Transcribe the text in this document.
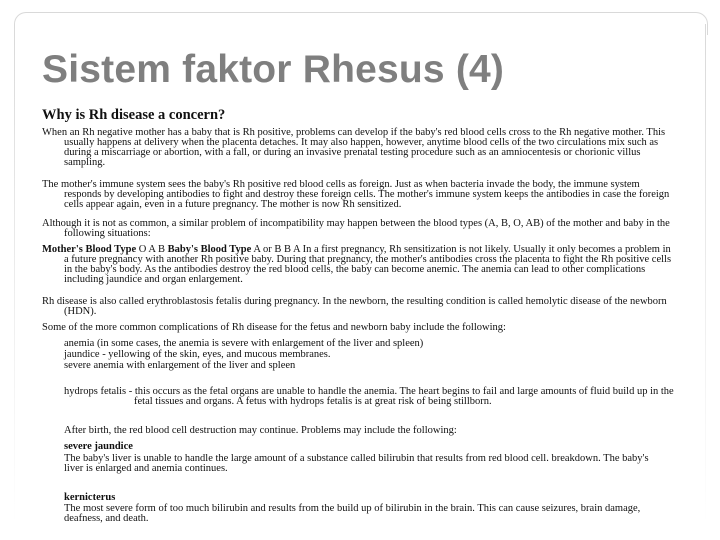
Sistem faktor Rhesus (4)
Why is Rh disease a concern?

When an Rh negative mother has a baby that is Rh positive, problems can develop if the baby's red blood cells cross to the Rh negative mother. This usually happens at delivery when the placenta detaches. It may also happen, however, anytime blood cells of the two circulations mix such as during a miscarriage or abortion, with a fall, or during an invasive prenatal testing procedure such as an amniocentesis or chorionic villus sampling.

The mother's immune system sees the baby's Rh positive red blood cells as foreign. Just as when bacteria invade the body, the immune system responds by developing antibodies to fight and destroy these foreign cells. The mother's immune system keeps the antibodies in case the foreign cells appear again, even in a future pregnancy. The mother is now Rh sensitized.

Although it is not as common, a similar problem of incompatibility may happen between the blood types (A, B, O, AB) of the mother and baby in the following situations:

Mother's Blood Type O A B Baby's Blood Type A or B B A In a first pregnancy, Rh sensitization is not likely. Usually it only becomes a problem in a future pregnancy with another Rh positive baby. During that pregnancy, the mother's antibodies cross the placenta to fight the Rh positive cells in the baby's body. As the antibodies destroy the red blood cells, the baby can become anemic. The anemia can lead to other complications including jaundice and organ enlargement.

Rh disease is also called erythroblastosis fetalis during pregnancy. In the newborn, the resulting condition is called hemolytic disease of the newborn (HDN).

Some of the more common complications of Rh disease for the fetus and newborn baby include the following:

anemia (in some cases, the anemia is severe with enlargement of the liver and spleen)

jaundice - yellowing of the skin, eyes, and mucous membranes.

severe anemia with enlargement of the liver and spleen

hydrops fetalis - this occurs as the fetal organs are unable to handle the anemia. The heart begins to fail and large amounts of fluid build up in the fetal tissues and organs. A fetus with hydrops fetalis is at great risk of being stillborn.

After birth, the red blood cell destruction may continue. Problems may include the following:

severe jaundice

The baby's liver is unable to handle the large amount of a substance called bilirubin that results from red blood cell. breakdown. The baby's liver is enlarged and anemia continues.

kernicterus

The most severe form of too much bilirubin and results from the build up of bilirubin in the brain. This can cause seizures, brain damage, deafness, and death.
